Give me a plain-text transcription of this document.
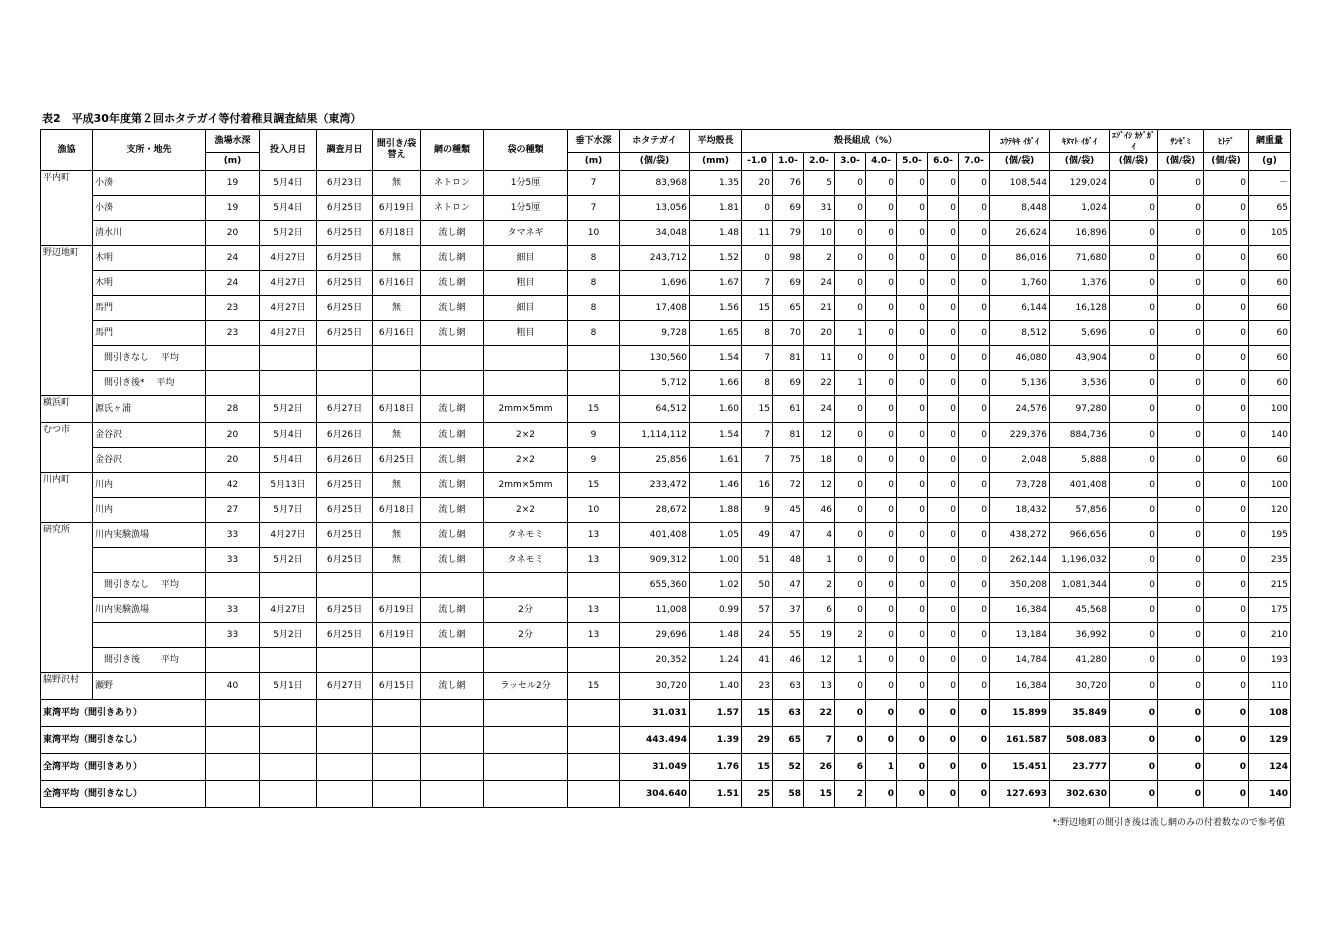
表2　平成30年度第２回ホタテガイ等付着稚貝調査結果（東湾）
漁協	支所・地先	漁場水深	投入月日	調査月日	間引き/袋替え	網の種類	袋の種類	垂下水深	ホタテガイ	平均殻長	殻長組成（%）								ﾕｳﾃｷｷ ｲｶﾞｲ	ｷﾇﾏﾄ ｲｶﾞｲ	ｴｿﾞｲｼ ｶｹﾞｶﾞｲ	ｻﾝｾﾞﾐ	ﾋﾄﾃﾞ	網重量
		(m)						(m)	(個/袋)	(mm)	-1.0	1.0-	2.0-	3.0-	4.0-	5.0-	6.0-	7.0-	(個/袋)	(個/袋)	(個/袋)	(個/袋)	(個/袋)	(g)
平内町	小湊	19	5月4日	6月23日	無	ネトロン	1分5厘	7	83,968	1.35	20	76	5	0	0	0	0	0	108,544	129,024	0	0	0	－
	小湊	19	5月4日	6月25日	6月19日	ネトロン	1分5厘	7	13,056	1.81	0	69	31	0	0	0	0	0	8,448	1,024	0	0	0	65
	清水川	20	5月2日	6月25日	6月18日	流し網	タマネギ	10	34,048	1.48	11	79	10	0	0	0	0	0	26,624	16,896	0	0	0	105
野辺地町	木明	24	4月27日	6月25日	無	流し網	細目	8	243,712	1.52	0	98	2	0	0	0	0	0	86,016	71,680	0	0	0	60
	木明	24	4月27日	6月25日	6月16日	流し網	粗目	8	1,696	1.67	7	69	24	0	0	0	0	0	1,760	1,376	0	0	0	60
	馬門	23	4月27日	6月25日	無	流し網	細目	8	17,408	1.56	15	65	21	0	0	0	0	0	6,144	16,128	0	0	0	60
	馬門	23	4月27日	6月25日	6月16日	流し網	粗目	8	9,728	1.65	8	70	20	1	0	0	0	0	8,512	5,696	0	0	0	60
	　間引きなし　 平均								130,560	1.54	7	81	11	0	0	0	0	0	46,080	43,904	0	0	0	60
	　間引き後*　 平均								5,712	1.66	8	69	22	1	0	0	0	0	5,136	3,536	0	0	0	60
横浜町	源氏ヶ浦	28	5月2日	6月27日	6月18日	流し網	2mm×5mm	15	64,512	1.60	15	61	24	0	0	0	0	0	24,576	97,280	0	0	0	100
むつ市	金谷沢	20	5月4日	6月26日	無	流し網	2×2	9	1,114,112	1.54	7	81	12	0	0	0	0	0	229,376	884,736	0	0	0	140
	金谷沢	20	5月4日	6月26日	6月25日	流し網	2×2	9	25,856	1.61	7	75	18	0	0	0	0	0	2,048	5,888	0	0	0	60
川内町	川内	42	5月13日	6月25日	無	流し網	2mm×5mm	15	233,472	1.46	16	72	12	0	0	0	0	0	73,728	401,408	0	0	0	100
	川内	27	5月7日	6月25日	6月18日	流し網	2×2	10	28,672	1.88	9	45	46	0	0	0	0	0	18,432	57,856	0	0	0	120
研究所	川内実験漁場	33	4月27日	6月25日	無	流し網	タネモミ	13	401,408	1.05	49	47	4	0	0	0	0	0	438,272	966,656	0	0	0	195
		33	5月2日	6月25日	無	流し網	タネモミ	13	909,312	1.00	51	48	1	0	0	0	0	0	262,144	1,196,032	0	0	0	235
	　間引きなし　 平均								655,360	1.02	50	47	2	0	0	0	0	0	350,208	1,081,344	0	0	0	215
	川内実験漁場	33	4月27日	6月25日	6月19日	流し網	2分	13	11,008	0.99	57	37	6	0	0	0	0	0	16,384	45,568	0	0	0	175
		33	5月2日	6月25日	6月19日	流し網	2分	13	29,696	1.48	24	55	19	2	0	0	0	0	13,184	36,992	0	0	0	210
	　間引き後　　 平均								20,352	1.24	41	46	12	1	0	0	0	0	14,784	41,280	0	0	0	193
脇野沢村	瀬野	40	5月1日	6月27日	6月15日	流し網	ラッセル2分	15	30,720	1.40	23	63	13	0	0	0	0	0	16,384	30,720	0	0	0	110
東湾平均（間引きあり）									31.031	1.57	15	63	22	0	0	0	0	0	15.899	35.849	0	0	0	108
東湾平均（間引きなし）									443.494	1.39	29	65	7	0	0	0	0	0	161.587	508.083	0	0	0	129
全湾平均（間引きあり）									31.049	1.76	15	52	26	6	1	0	0	0	15.451	23.777	0	0	0	124
全湾平均（間引きなし）									304.640	1.51	25	58	15	2	0	0	0	0	127.693	302.630	0	0	0	140
*:野辺地町の間引き後は流し網のみの付着数なので参考値
